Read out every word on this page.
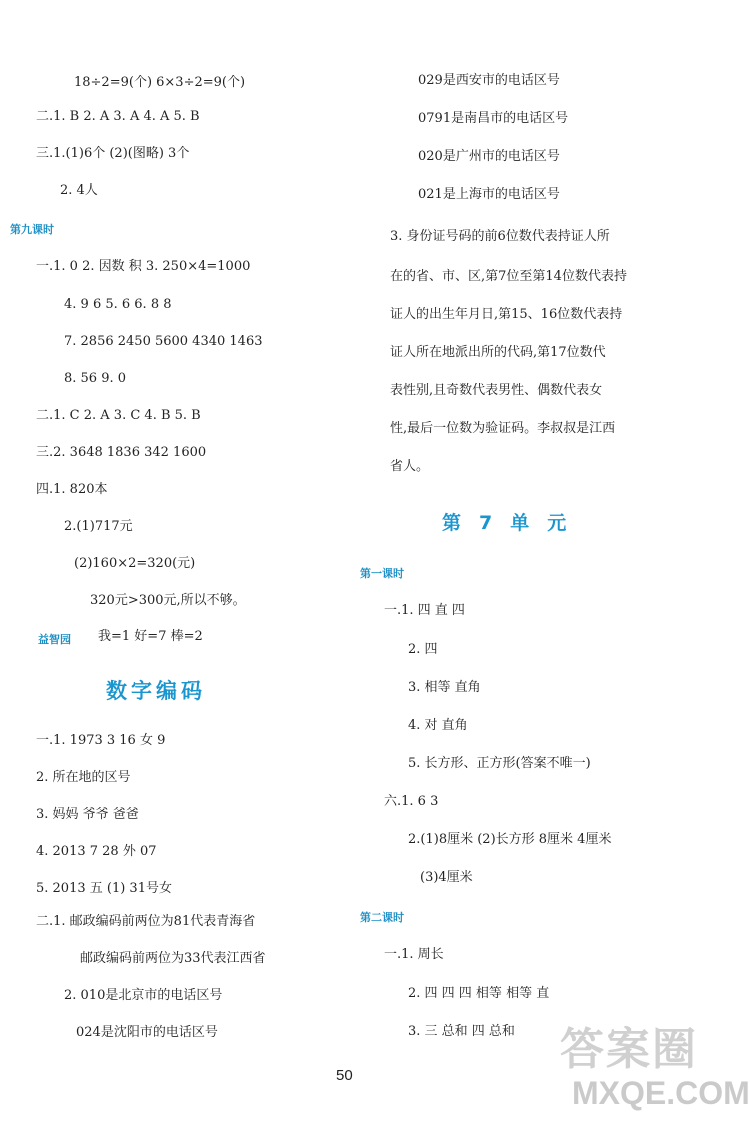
18÷2=9(个) 6×3÷2=9(个)
二.1. B 2. A 3. A 4. A 5. B
三.1.(1)6个 (2)(图略) 3个
2. 4人
第九课时
一.1. 0 2. 因数 积 3. 250×4=1000
4. 9 6 5. 6 6. 8 8
7. 2856 2450 5600 4340 1463
8. 56 9. 0
二.1. C 2. A 3. C 4. B 5. B
三.2. 3648 1836 342 1600
四.1. 820本
2.(1)717元
(2)160×2=320(元)
320元>300元,所以不够。
益智园 我=1 好=7 棒=2
数字编码
一.1. 1973 3 16 女 9
2. 所在地的区号
3. 妈妈 爷爷 爸爸
4. 2013 7 28 外 07
5. 2013 五 (1) 31号女
二.1. 邮政编码前两位为81代表青海省
邮政编码前两位为33代表江西省
2. 010是北京市的电话区号
024是沈阳市的电话区号
029是西安市的电话区号
0791是南昌市的电话区号
020是广州市的电话区号
021是上海市的电话区号
3. 身份证号码的前6位数代表持证人所
在的省、市、区,第7位至第14位数代表持
证人的出生年月日,第15、16位数代表持
证人所在地派出所的代码,第17位数代
表性别,且奇数代表男性、偶数代表女
性,最后一位数为验证码。李叔叔是江西
省人。
第7单元
第一课时
一.1. 四 直 四
2. 四
3. 相等 直角
4. 对 直角
5. 长方形、正方形(答案不唯一)
六.1. 6 3
2.(1)8厘米 (2)长方形 8厘米 4厘米
(3)4厘米
第二课时
一.1. 周长
2. 四 四 四 相等 相等 直
3. 三 总和 四 总和
50
答案圈
MXQE.COM
